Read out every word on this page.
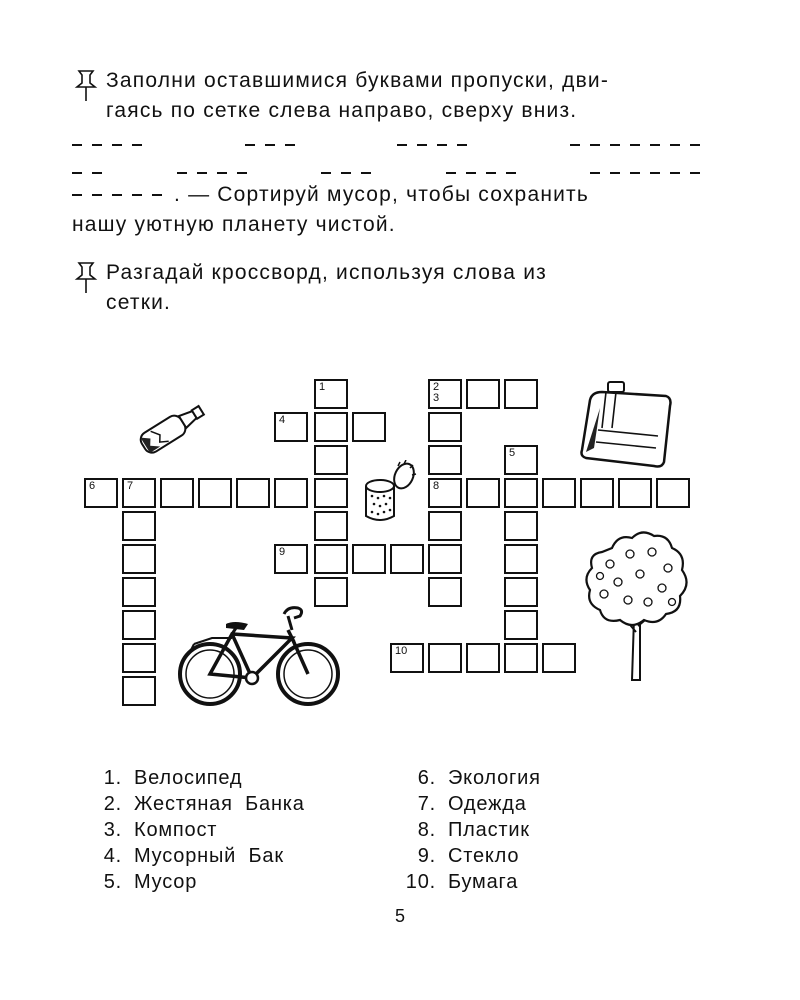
Заполни оставшимися буквами пропуски, дви-
гаясь по сетке слева направо, сверху вниз.
. — Сортируй мусор, чтобы сохранить
нашу уютную планету чистой.
Разгадай кроссворд, используя слова из
сетки.
1	2
3
4
5
6	7	8
9
10
1. Велосипед
2. Жестяная Банка
3. Компост
4. Мусорный Бак
5. Мусор
6. Экология
7. Одежда
8. Пластик
9. Стекло
10. Бумага
5
